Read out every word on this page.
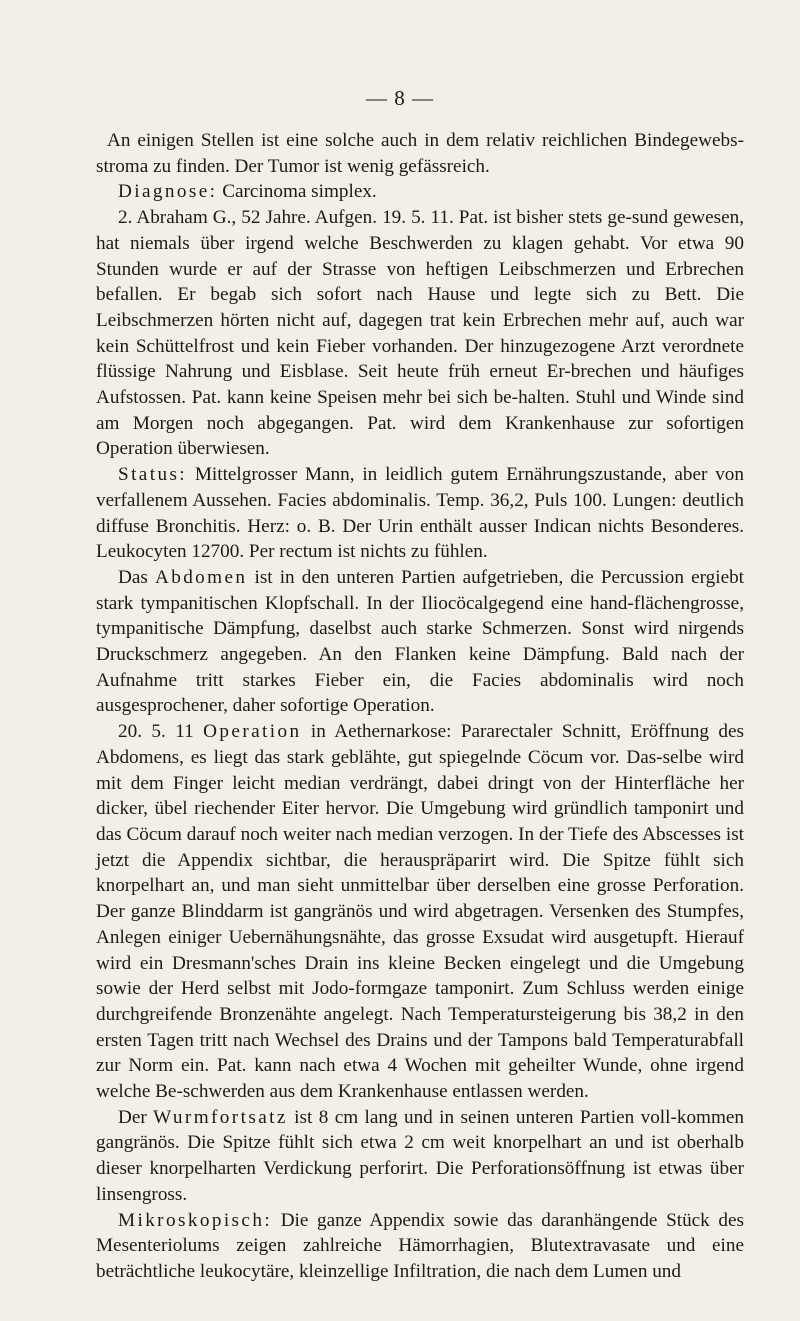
— 8 —

An einigen Stellen ist eine solche auch in dem relativ reichlichen Bindegewebs-stroma zu finden. Der Tumor ist wenig gefässreich.

Diagnose: Carcinoma simplex.

2. Abraham G., 52 Jahre. Aufgen. 19. 5. 11. Pat. ist bisher stets ge-sund gewesen, hat niemals über irgend welche Beschwerden zu klagen gehabt. Vor etwa 90 Stunden wurde er auf der Strasse von heftigen Leibschmerzen und Erbrechen befallen. Er begab sich sofort nach Hause und legte sich zu Bett. Die Leibschmerzen hörten nicht auf, dagegen trat kein Erbrechen mehr auf, auch war kein Schüttelfrost und kein Fieber vorhanden. Der hinzugezogene Arzt verordnete flüssige Nahrung und Eisblase. Seit heute früh erneut Er-brechen und häufiges Aufstossen. Pat. kann keine Speisen mehr bei sich be-halten. Stuhl und Winde sind am Morgen noch abgegangen. Pat. wird dem Krankenhause zur sofortigen Operation überwiesen.

Status: Mittelgrosser Mann, in leidlich gutem Ernährungszustande, aber von verfallenem Aussehen. Facies abdominalis. Temp. 36,2, Puls 100. Lungen: deutlich diffuse Bronchitis. Herz: o. B. Der Urin enthält ausser Indican nichts Besonderes. Leukocyten 12700. Per rectum ist nichts zu fühlen.

Das Abdomen ist in den unteren Partien aufgetrieben, die Percussion ergiebt stark tympanitischen Klopfschall. In der Iliocöcalgegend eine hand-flächengrosse, tympanitische Dämpfung, daselbst auch starke Schmerzen. Sonst wird nirgends Druckschmerz angegeben. An den Flanken keine Dämpfung. Bald nach der Aufnahme tritt starkes Fieber ein, die Facies abdominalis wird noch ausgesprochener, daher sofortige Operation.

20. 5. 11 Operation in Aethernarkose: Pararectaler Schnitt, Eröffnung des Abdomens, es liegt das stark geblähte, gut spiegelnde Cöcum vor. Das-selbe wird mit dem Finger leicht median verdrängt, dabei dringt von der Hinterfläche her dicker, übel riechender Eiter hervor. Die Umgebung wird gründlich tamponirt und das Cöcum darauf noch weiter nach median verzogen. In der Tiefe des Abscesses ist jetzt die Appendix sichtbar, die herauspräparirt wird. Die Spitze fühlt sich knorpelhart an, und man sieht unmittelbar über derselben eine grosse Perforation. Der ganze Blinddarm ist gangränös und wird abgetragen. Versenken des Stumpfes, Anlegen einiger Uebernähungsnähte, das grosse Exsudat wird ausgetupft. Hierauf wird ein Dresmann'sches Drain ins kleine Becken eingelegt und die Umgebung sowie der Herd selbst mit Jodo-formgaze tamponirt. Zum Schluss werden einige durchgreifende Bronzenähte angelegt. Nach Temperatursteigerung bis 38,2 in den ersten Tagen tritt nach Wechsel des Drains und der Tampons bald Temperaturabfall zur Norm ein. Pat. kann nach etwa 4 Wochen mit geheilter Wunde, ohne irgend welche Be-schwerden aus dem Krankenhause entlassen werden.

Der Wurmfortsatz ist 8 cm lang und in seinen unteren Partien voll-kommen gangränös. Die Spitze fühlt sich etwa 2 cm weit knorpelhart an und ist oberhalb dieser knorpelharten Verdickung perforirt. Die Perforationsöffnung ist etwas über linsengross.

Mikroskopisch: Die ganze Appendix sowie das daranhängende Stück des Mesenteriolums zeigen zahlreiche Hämorrhagien, Blutextravasate und eine beträchtliche leukocytäre, kleinzellige Infiltration, die nach dem Lumen und
